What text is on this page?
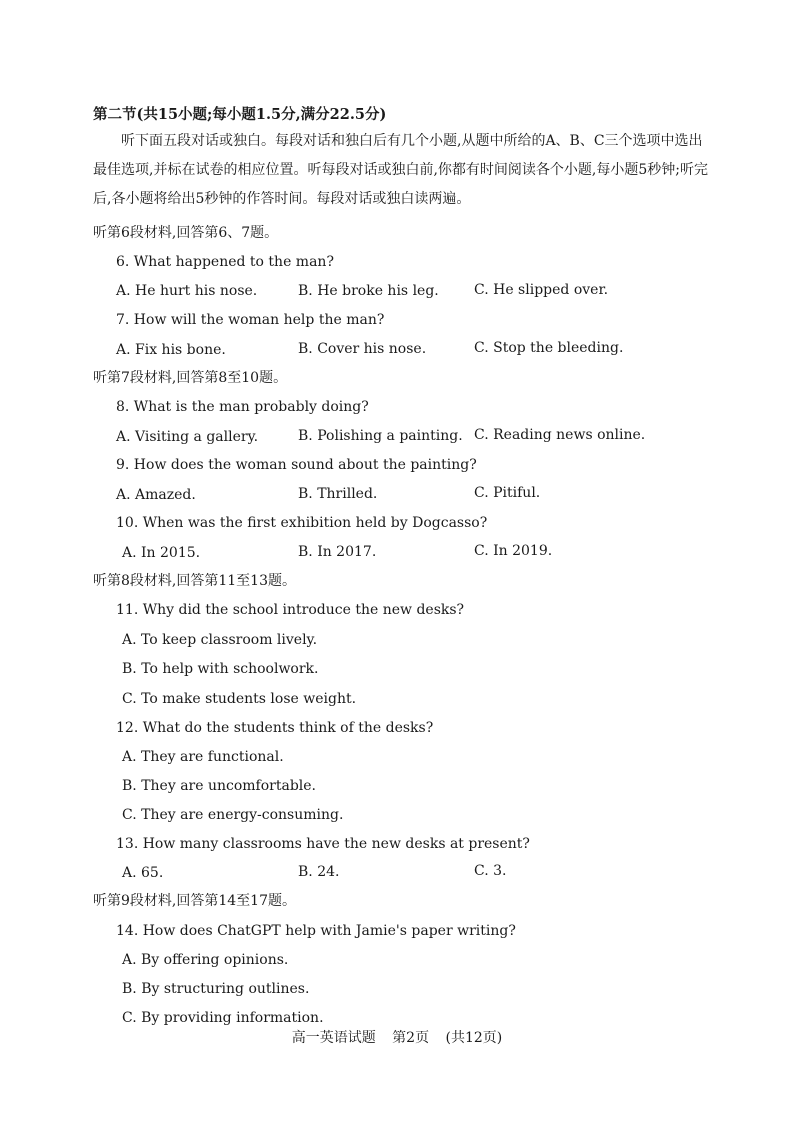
第二节(共15小题;每小题1.5分,满分22.5分)
听下面五段对话或独白。每段对话和独白后有几个小题,从题中所给的A、B、C三个选项中选出最佳选项,并标在试卷的相应位置。听每段对话或独白前,你都有时间阅读各个小题,每小题5秒钟;听完后,各小题将给出5秒钟的作答时间。每段对话或独白读两遍。
听第6段材料,回答第6、7题。
6. What happened to the man?
A. He hurt his nose.	B. He broke his leg.	C. He slipped over.
7. How will the woman help the man?
A. Fix his bone.	B. Cover his nose.	C. Stop the bleeding.
听第7段材料,回答第8至10题。
8. What is the man probably doing?
A. Visiting a gallery.	B. Polishing a painting. C. Reading news online.
9. How does the woman sound about the painting?
A. Amazed.	B. Thrilled.	C. Pitiful.
10. When was the first exhibition held by Dogcasso?
A. In 2015.	B. In 2017.	C. In 2019.
听第8段材料,回答第11至13题。
11. Why did the school introduce the new desks?
A. To keep classroom lively.
B. To help with schoolwork.
C. To make students lose weight.
12. What do the students think of the desks?
A. They are functional.
B. They are uncomfortable.
C. They are energy-consuming.
13. How many classrooms have the new desks at present?
A. 65.	B. 24.	C. 3.
听第9段材料,回答第14至17题。
14. How does ChatGPT help with Jamie's paper writing?
A. By offering opinions.
B. By structuring outlines.
C. By providing information.
高一英语试题 第2页 (共12页)
